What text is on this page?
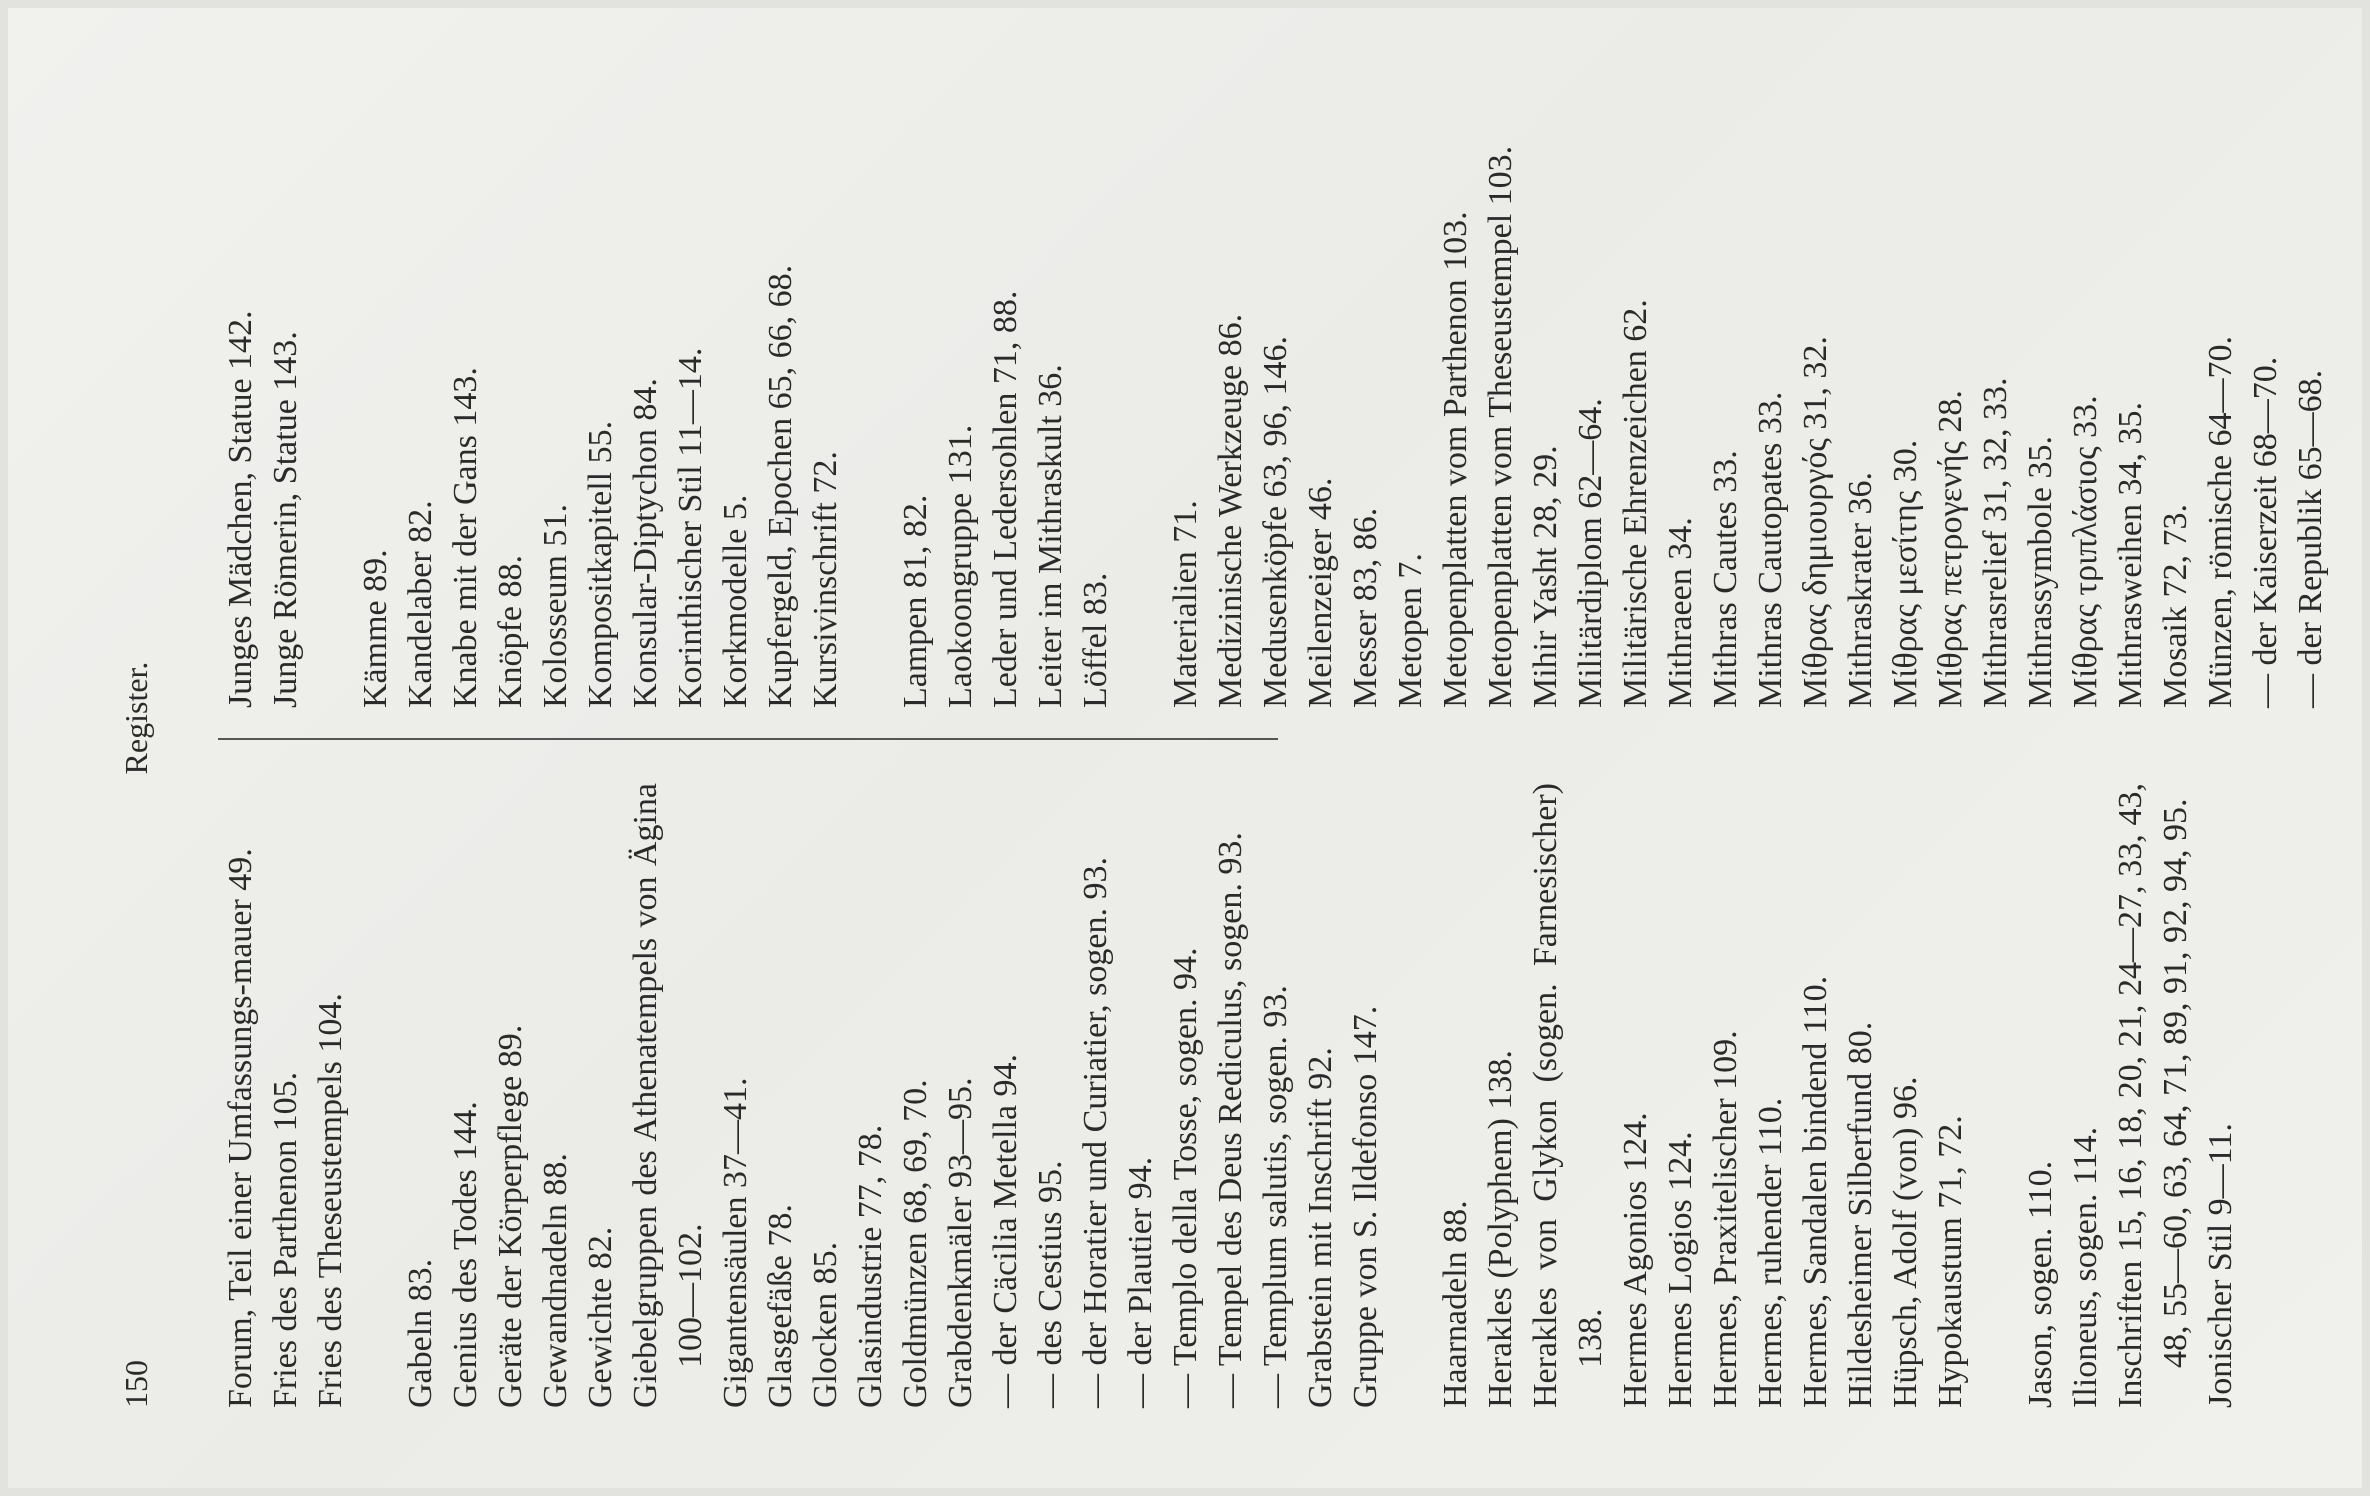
150
Register.
Forum, Teil einer Umfassungs-mauer 49. Fries des Parthenon 105. Fries des Theseustempels 104. Gabeln 83. Genius des Todes 144. Geräte der Körperpflege 89. Gewandnadeln 88. Gewichte 82. Giebelgruppen des Athenatempels von Ägina 100—102. Gigantensäulen 37—41. Glasgefäße 78. Glocken 85. Glasindustrie 77, 78. Goldmünzen 68, 69, 70. Grabdenkmäler 93—95. — der Cäcilia Metella 94. — des Cestius 95. — der Horatier und Curiatier, sogen. 93. — der Plautier 94. — Templo della Tosse, sogen. 94. — Tempel des Deus Rediculus, sogen. 93. — Templum salutis, sogen. 93. Grabstein mit Inschrift 92. Gruppe von S. Ildefonso 147. Haarnadeln 88. Herakles (Polyphem) 138. Herakles von Glykon (sogen. Farnesischer) 138. Hermes Agonios 124. Hermes Logios 124. Hermes, Praxitelischer 109. Hermes, ruhender 110. Hermes, Sandalen bindend 110. Hildesheimer Silberfund 80. Hüpsch, Adolf (von) 96. Hypokaustum 71, 72. Jason, sogen. 110. Ilioneus, sogen. 114. Inschriften 15, 16, 18, 20, 21, 24—27, 33, 43, 48, 55—60, 63, 64, 71, 89, 91, 92, 94, 95. Jonischer Stil 9—11.
Junges Mädchen, Statue 142. Junge Römerin, Statue 143. Kämme 89. Kandelaber 82. Knabe mit der Gans 143. Knöpfe 88. Kolosseum 51. Kompositkapitell 55. Konsular-Diptychon 84. Korinthischer Stil 11—14. Korkmodelle 5. Kupfergeld, Epochen 65, 66, 68. Kursivinschrift 72. Lampen 81, 82. Laokoongruppe 131. Leder und Ledersohlen 71, 88. Leiter im Mithraskult 36. Löffel 83. Materialien 71. Medizinische Werkzeuge 86. Medusenköpfe 63, 96, 146. Meilenzeiger 46. Messer 83, 86. Metopen 7. Metopenplatten vom Parthenon 103. Metopenplatten vom Theseustempel 103. Mihir Yasht 28, 29. Militärdiplom 62—64. Militärische Ehrenzeichen 62. Mithraeen 34. Mithras Cautes 33. Mithras Cautopates 33. Μίθρας δημιουργός 31, 32. Mithraskrater 36. Μίθρας μεσίτης 30. Μίθρας πετρογενής 28. Mithrasrelief 31, 32, 33. Mithrassymbole 35. Μίθρας τριπλάσιος 33. Mithrasweihen 34, 35. Mosaik 72, 73. Münzen, römische 64—70. — der Kaiserzeit 68—70. — der Republik 65—68.
